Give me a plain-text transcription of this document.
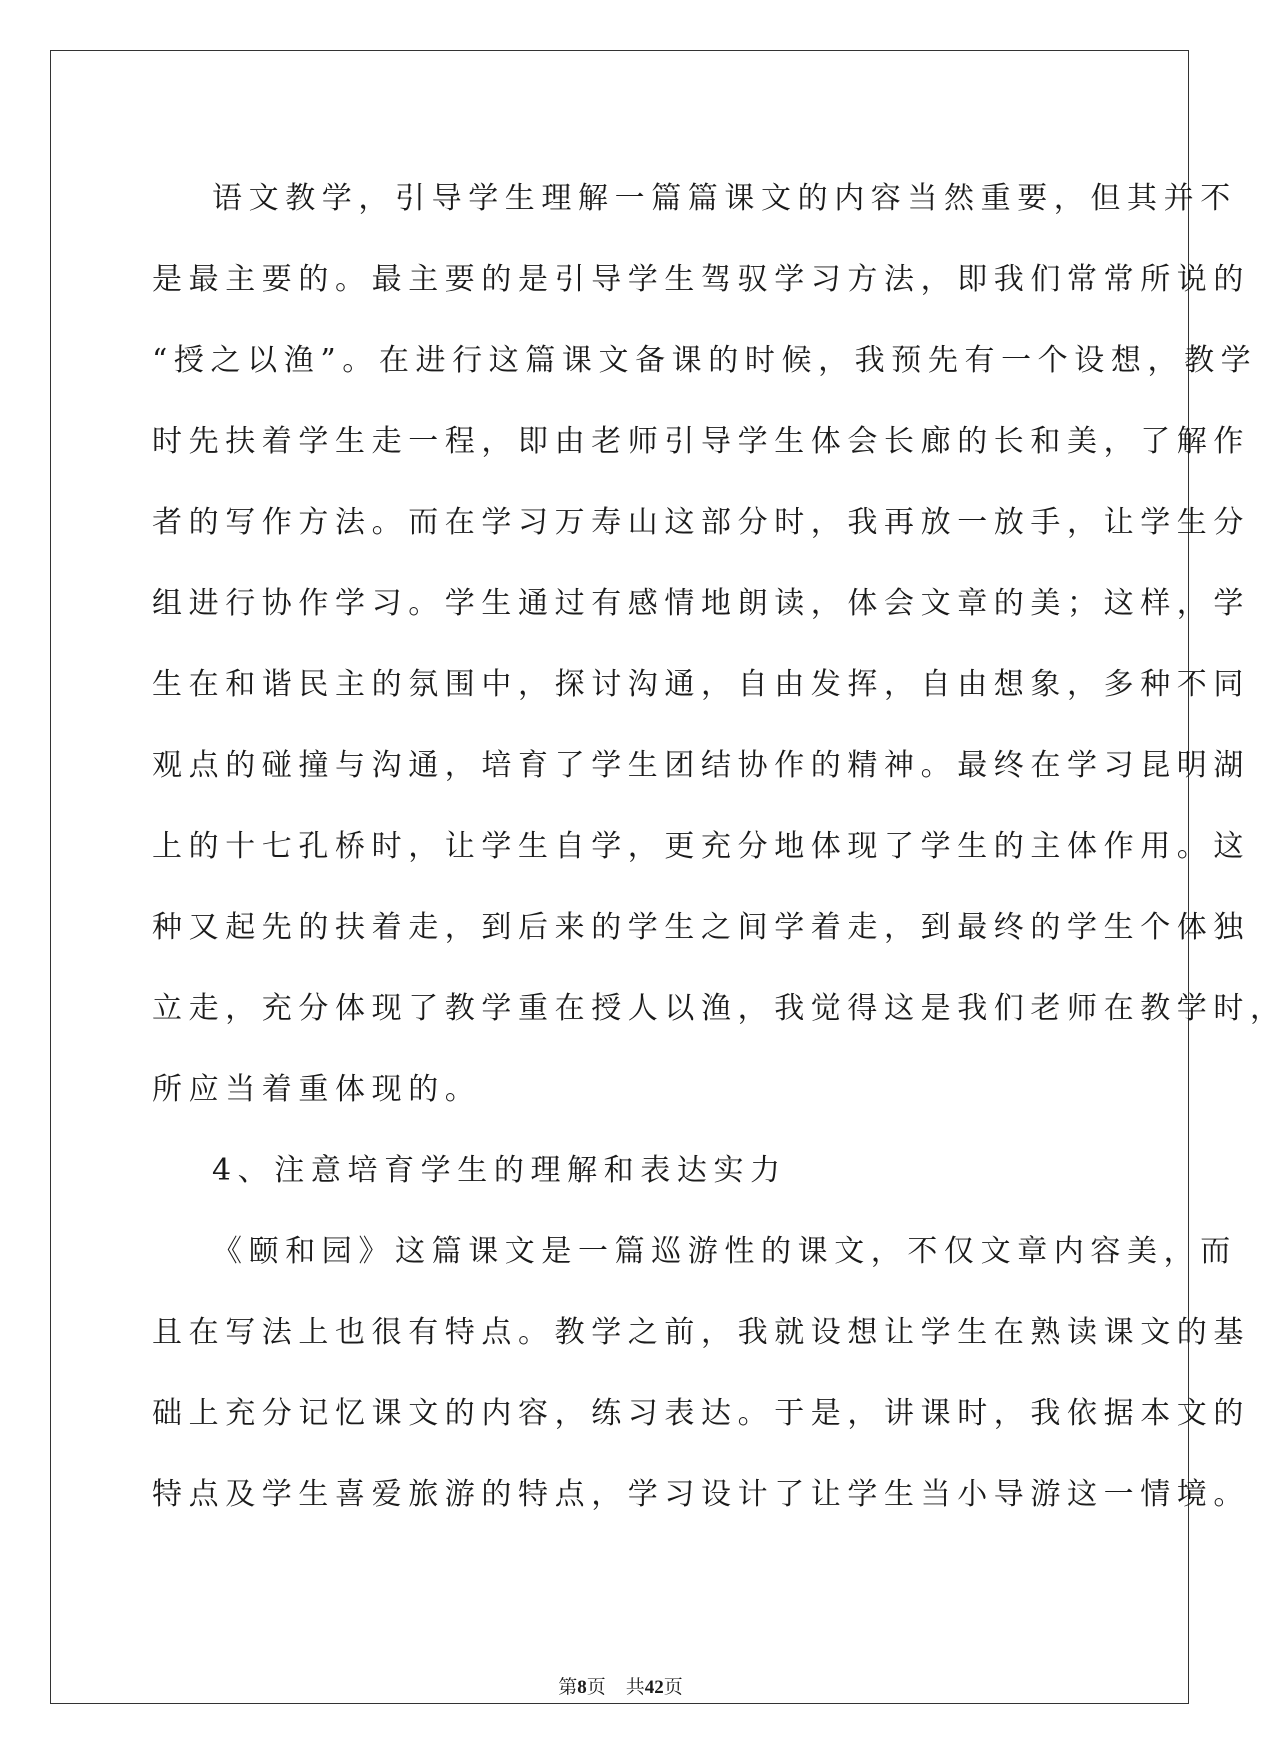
语文教学，引导学生理解一篇篇课文的内容当然重要，但其并不
是最主要的。最主要的是引导学生驾驭学习方法，即我们常常所说的
“授之以渔”。在进行这篇课文备课的时候，我预先有一个设想，教学
时先扶着学生走一程，即由老师引导学生体会长廊的长和美，了解作
者的写作方法。而在学习万寿山这部分时，我再放一放手，让学生分
组进行协作学习。学生通过有感情地朗读，体会文章的美；这样，学
生在和谐民主的氛围中，探讨沟通，自由发挥，自由想象，多种不同
观点的碰撞与沟通，培育了学生团结协作的精神。最终在学习昆明湖
上的十七孔桥时，让学生自学，更充分地体现了学生的主体作用。这
种又起先的扶着走，到后来的学生之间学着走，到最终的学生个体独
立走，充分体现了教学重在授人以渔，我觉得这是我们老师在教学时，
所应当着重体现的。
4、注意培育学生的理解和表达实力
《颐和园》这篇课文是一篇巡游性的课文，不仅文章内容美，而
且在写法上也很有特点。教学之前，我就设想让学生在熟读课文的基
础上充分记忆课文的内容，练习表达。于是，讲课时，我依据本文的
特点及学生喜爱旅游的特点，学习设计了让学生当小导游这一情境。
第8页 共42页
